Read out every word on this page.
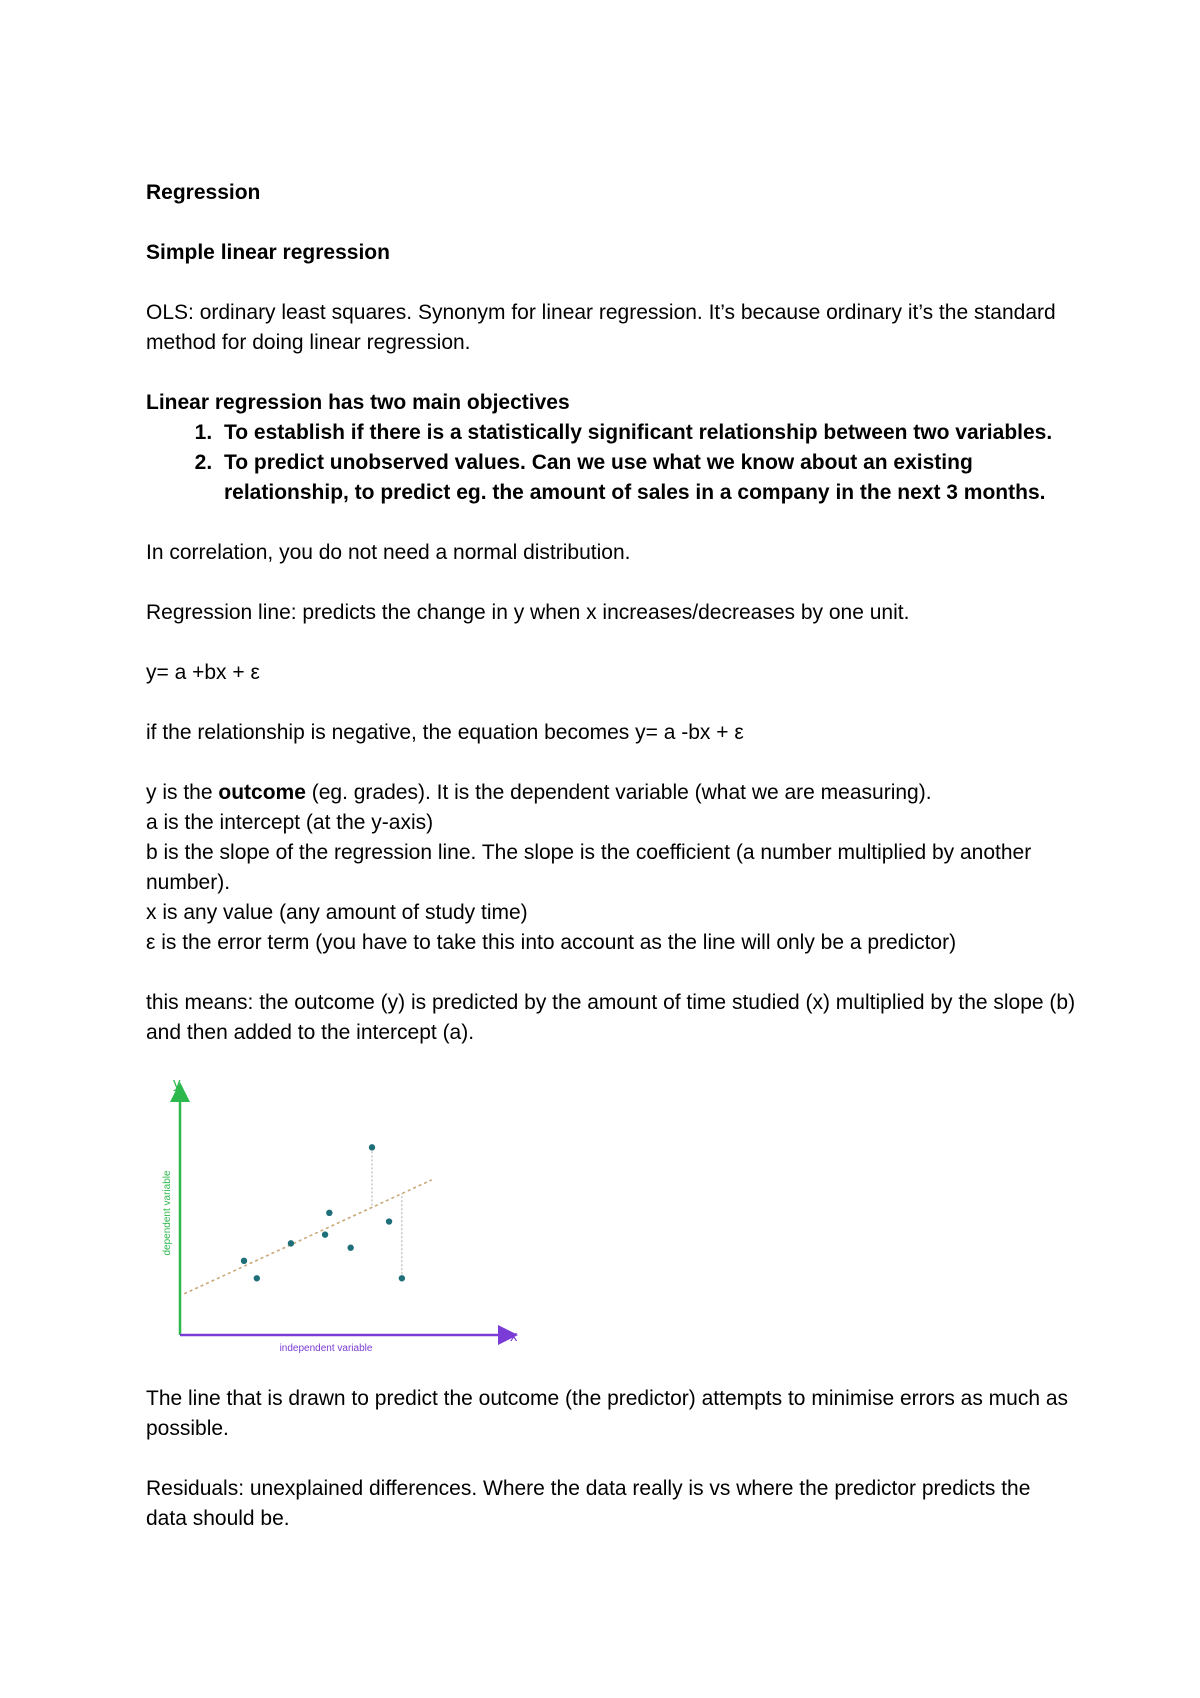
Regression

Simple linear regression

OLS: ordinary least squares. Synonym for linear regression. It’s because ordinary it’s the standard method for doing linear regression.

Linear regression has two main objectives

1. To establish if there is a statistically significant relationship between two variables.
2. To predict unobserved values. Can we use what we know about an existing relationship, to predict eg. the amount of sales in a company in the next 3 months.

In correlation, you do not need a normal distribution.

Regression line: predicts the change in y when x increases/decreases by one unit.

y= a +bx + ε

if the relationship is negative, the equation becomes y= a -bx + ε

y is the outcome (eg. grades). It is the dependent variable (what we are measuring).

a is the intercept (at the y-axis)

b is the slope of the regression line. The slope is the coefficient (a number multiplied by another number).

x is any value (any amount of study time)

ε is the error term (you have to take this into account as the line will only be a predictor)

this means: the outcome (y) is predicted by the amount of time studied (x) multiplied by the slope (b) and then added to the intercept (a).

y
x
dependent variable
independent variable

The line that is drawn to predict the outcome (the predictor) attempts to minimise errors as much as possible.

Residuals: unexplained differences. Where the data really is vs where the predictor predicts the data should be.
